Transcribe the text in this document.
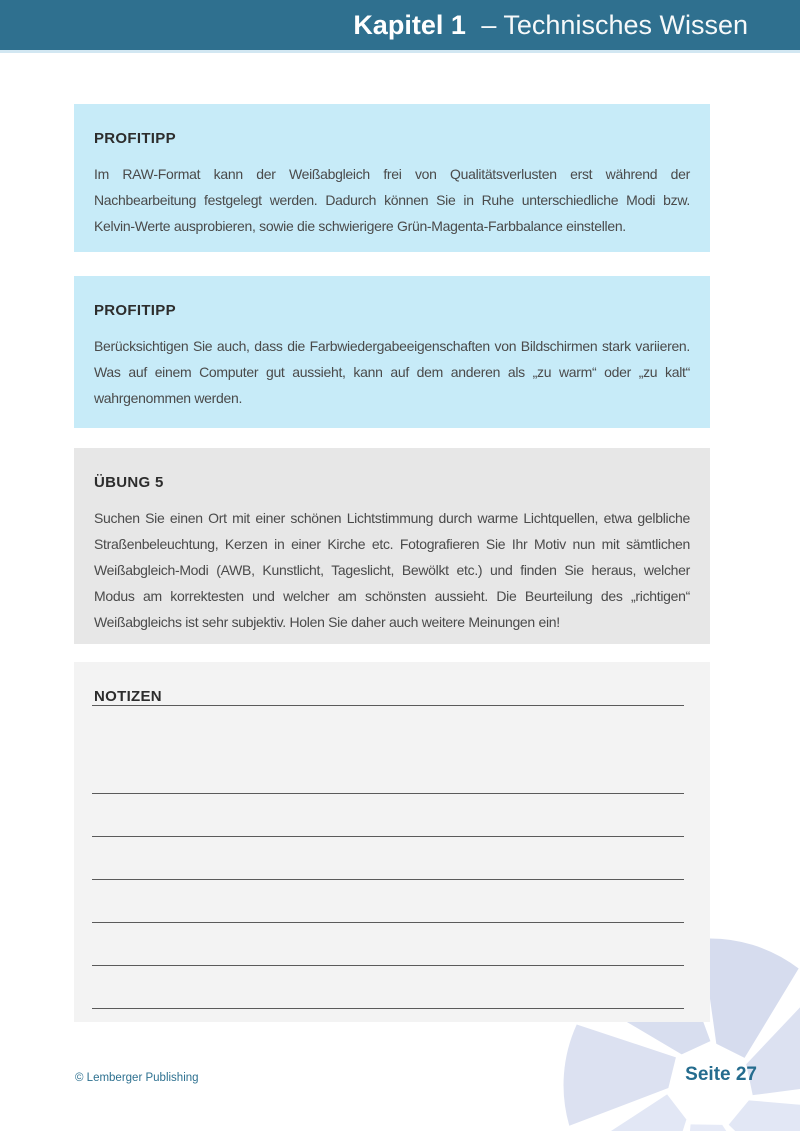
Kapitel 1 – Technisches Wissen
PROFITIPP
Im RAW-Format kann der Weißabgleich frei von Qualitätsverlusten erst während der Nachbearbeitung festgelegt werden. Dadurch können Sie in Ruhe unterschiedliche Modi bzw. Kelvin-Werte ausprobieren, sowie die schwierigere Grün-Magenta-Farbbalance einstellen.
PROFITIPP
Berücksichtigen Sie auch, dass die Farbwiedergabeeigenschaften von Bildschirmen stark variieren. Was auf einem Computer gut aussieht, kann auf dem anderen als „zu warm“ oder „zu kalt“ wahrgenommen werden.
ÜBUNG 5
Suchen Sie einen Ort mit einer schönen Lichtstimmung durch warme Lichtquellen, etwa gelbliche Straßenbeleuchtung, Kerzen in einer Kirche etc. Fotografieren Sie Ihr Motiv nun mit sämtlichen Weißabgleich-Modi (AWB, Kunstlicht, Tageslicht, Bewölkt etc.) und finden Sie heraus, welcher Modus am korrektesten und welcher am schönsten aussieht. Die Beurteilung des „richtigen“ Weißabgleichs ist sehr subjektiv. Holen Sie daher auch weitere Meinungen ein!
NOTIZEN
© Lemberger Publishing	Seite 27
